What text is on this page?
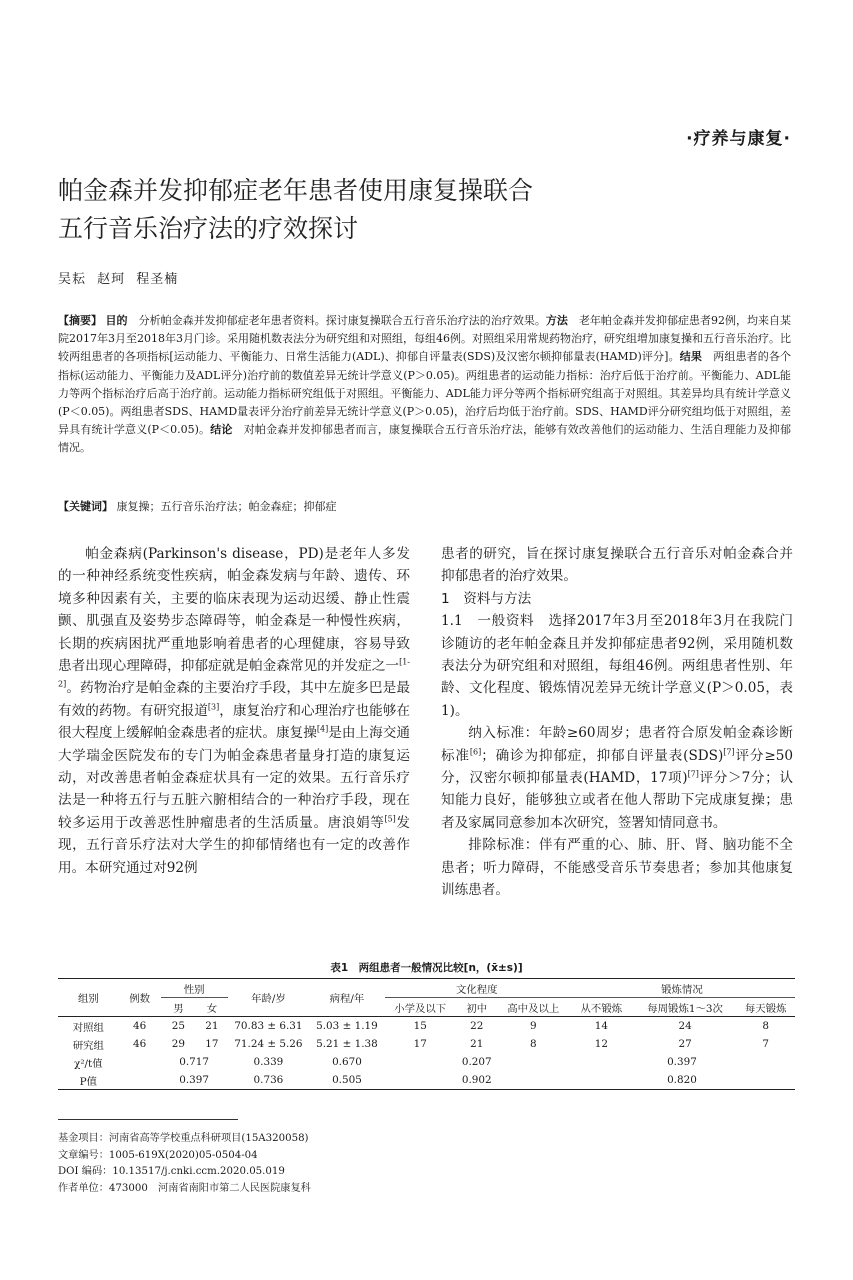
·疗养与康复·
帕金森并发抑郁症老年患者使用康复操联合
五行音乐治疗法的疗效探讨
吴耘 赵珂 程圣楠
【摘要】 目的　 分析帕金森并发抑郁症老年患者资料。探讨康复操联合五行音乐治疗法的治疗效果。方法　 老年帕金森并发抑郁症患者92例，均来自某院2017年3月至2018年3月门诊。采用随机数表法分为研究组和对照组，每组46例。对照组采用常规药物治疗，研究组增加康复操和五行音乐治疗。比较两组患者的各项指标[运动能力、平衡能力、日常生活能力(ADL)、抑郁自评量表(SDS)及汉密尔顿抑郁量表(HAMD)评分]。结果　 两组患者的各个指标(运动能力、平衡能力及ADL评分)治疗前的数值差异无统计学意义(P＞0.05)。两组患者的运动能力指标：治疗后低于治疗前。平衡能力、ADL能力等两个指标治疗后高于治疗前。运动能力指标研究组低于对照组。平衡能力、ADL能力评分等两个指标研究组高于对照组。其差异均具有统计学意义(P＜0.05)。两组患者SDS、HAMD量表评分治疗前差异无统计学意义(P＞0.05)，治疗后均低于治疗前。SDS、HAMD评分研究组均低于对照组，差异具有统计学意义(P＜0.05)。结论　 对帕金森并发抑郁患者而言，康复操联合五行音乐治疗法，能够有效改善他们的运动能力、生活自理能力及抑郁情况。
【关键词】 康复操；五行音乐治疗法；帕金森症；抑郁症

帕金森病(Parkinson's disease，PD)是老年人多发的一种神经系统变性疾病，帕金森发病与年龄、遗传、环境多种因素有关，主要的临床表现为运动迟缓、静止性震颤、肌强直及姿势步态障碍等，帕金森是一种慢性疾病，长期的疾病困扰严重地影响着患者的心理健康，容易导致患者出现心理障碍，抑郁症就是帕金森常见的并发症之一[1-2]。药物治疗是帕金森的主要治疗手段，其中左旋多巴是最有效的药物。有研究报道[3]，康复治疗和心理治疗也能够在很大程度上缓解帕金森患者的症状。康复操[4]是由上海交通大学瑞金医院发布的专门为帕金森患者量身打造的康复运动，对改善患者帕金森症状具有一定的效果。五行音乐疗法是一种将五行与五脏六腑相结合的一种治疗手段，现在较多运用于改善恶性肿瘤患者的生活质量。唐浪娟等[5]发现，五行音乐疗法对大学生的抑郁情绪也有一定的改善作用。本研究通过对92例

患者的研究，旨在探讨康复操联合五行音乐对帕金森合并抑郁患者的治疗效果。

1　资料与方法

1.1　一般资料　 选择2017年3月至2018年3月在我院门诊随访的老年帕金森且并发抑郁症患者92例，采用随机数表法分为研究组和对照组，每组46例。两组患者性别、年龄、文化程度、锻炼情况差异无统计学意义(P＞0.05，表1)。

纳入标准：年龄≥60周岁；患者符合原发帕金森诊断标准[6]；确诊为抑郁症，抑郁自评量表(SDS)[7]评分≥50分，汉密尔顿抑郁量表(HAMD，17项)[7]评分＞7分；认知能力良好，能够独立或者在他人帮助下完成康复操；患者及家属同意参加本次研究，签署知情同意书。

排除标准：伴有严重的心、肺、肝、肾、脑功能不全患者；听力障碍，不能感受音乐节奏患者；参加其他康复训练患者。

表1　两组患者一般情况比较[n，(x̄±s)]
组别	例数	性别		年龄/岁	病程/年	文化程度			锻炼情况		
		男	女			小学及以下	初中	高中及以上	从不锻炼	每周锻炼1～3次	每天锻炼
对照组	46	25	21	70.83 ± 6.31	5.03 ± 1.19	15	22	9	14	24	8
研究组	46	29	17	71.24 ± 5.26	5.21 ± 1.38	17	21	8	12	27	7
χ²/t值		0.717		0.339	0.670	0.207			0.397		
P值		0.397		0.736	0.505	0.902			0.820		
基金项目：河南省高等学校重点科研项目(15A320058)
文章编号：1005-619X(2020)05-0504-04
DOI 编码：10.13517/j.cnki.ccm.2020.05.019
作者单位：473000　河南省南阳市第二人民医院康复科
